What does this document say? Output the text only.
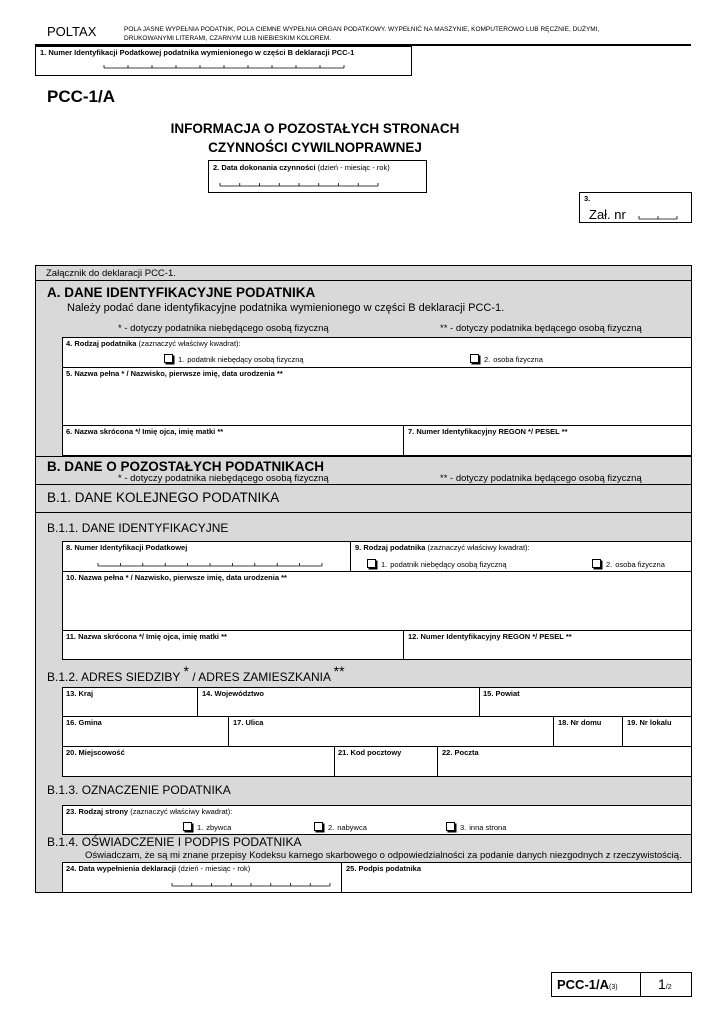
POLTAX	POLA JASNE WYPEŁNIA PODATNIK, POLA CIEMNE WYPEŁNIA ORGAN PODATKOWY. WYPEŁNIĆ NA MASZYNIE, KOMPUTEROWO LUB RĘCZNIE, DUŻYMI,
DRUKOWANYMI LITERAMI, CZARNYM LUB NIEBIESKIM KOLOREM.
1. Numer Identyfikacji Podatkowej podatnika wymienionego w części B deklaracji PCC-1
PCC-1/A
INFORMACJA O POZOSTAŁYCH STRONACH
CZYNNOŚCI CYWILNOPRAWNEJ
2. Data dokonania czynności (dzień - miesiąc - rok)
.	.
3.
Zał. nr
Załącznik do deklaracji PCC-1.
A. DANE IDENTYFIKACYJNE PODATNIKA
Należy podać dane identyfikacyjne podatnika wymienionego w części B deklaracji PCC-1.
* - dotyczy podatnika niebędącego osobą fizyczną	** - dotyczy podatnika będącego osobą fizyczną
4. Rodzaj podatnika (zaznaczyć właściwy kwadrat):
1. podatnik niebędący osobą fizyczną	2. osoba fizyczna
5. Nazwa pełna * / Nazwisko, pierwsze imię, data urodzenia **
6. Nazwa skrócona */ Imię ojca, imię matki **	7. Numer Identyfikacyjny REGON */ PESEL **
B. DANE O POZOSTAŁYCH PODATNIKACH
* - dotyczy podatnika niebędącego osobą fizyczną	** - dotyczy podatnika będącego osobą fizyczną
B.1. DANE KOLEJNEGO PODATNIKA
B.1.1. DANE IDENTYFIKACYJNE
8. Numer Identyfikacji Podatkowej	9. Rodzaj podatnika (zaznaczyć właściwy kwadrat):
1. podatnik niebędący osobą fizyczną	2. osoba fizyczna
10. Nazwa pełna * / Nazwisko, pierwsze imię, data urodzenia **
11. Nazwa skrócona */ Imię ojca, imię matki **	12. Numer Identyfikacyjny REGON */ PESEL **
B.1.2. ADRES SIEDZIBY * / ADRES ZAMIESZKANIA **
13. Kraj	14. Województwo	15. Powiat
16. Gmina	17. Ulica	18. Nr domu	19. Nr lokalu
20. Miejscowość	21. Kod pocztowy	22. Poczta
B.1.3. OZNACZENIE PODATNIKA
23. Rodzaj strony (zaznaczyć właściwy kwadrat):
1. zbywca	2. nabywca	3. inna strona
B.1.4. OŚWIADCZENIE I PODPIS PODATNIKA
Oświadczam, że są mi znane przepisy Kodeksu karnego skarbowego o odpowiedzialności za podanie danych niezgodnych z rzeczywistością.
24. Data wypełnienia deklaracji (dzień - miesiąc - rok)
.	.
25. Podpis podatnika
PCC-1/A(3)	1/2
